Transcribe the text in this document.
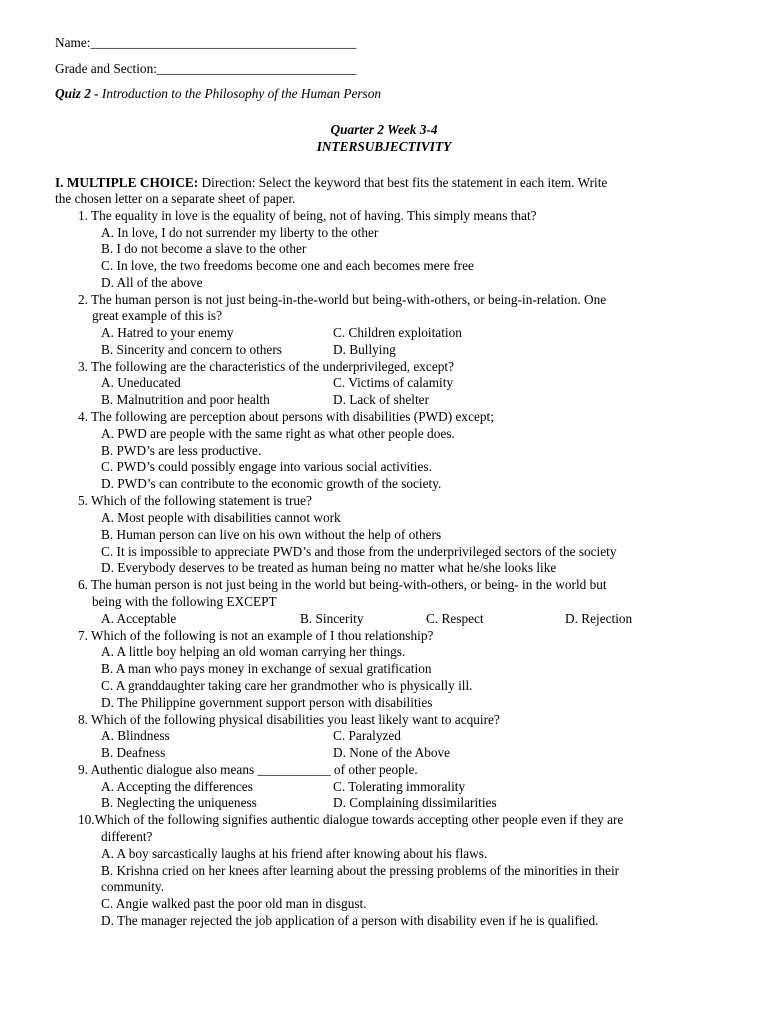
Name:________________________________________
Grade and Section:______________________________
Quiz 2 - Introduction to the Philosophy of the Human Person
Quarter 2 Week 3-4
INTERSUBJECTIVITY
I. MULTIPLE CHOICE: Direction: Select the keyword that best fits the statement in each item. Write
the chosen letter on a separate sheet of paper.
1. The equality in love is the equality of being, not of having. This simply means that?
A. In love, I do not surrender my liberty to the other
B. I do not become a slave to the other
C. In love, the two freedoms become one and each becomes mere free
D. All of the above
2. The human person is not just being-in-the-world but being-with-others, or being-in-relation. One
great example of this is?
A. Hatred to your enemy	C. Children exploitation
B. Sincerity and concern to others	D. Bullying
3. The following are the characteristics of the underprivileged, except?
A. Uneducated	C. Victims of calamity
B. Malnutrition and poor health	D. Lack of shelter
4. The following are perception about persons with disabilities (PWD) except;
A. PWD are people with the same right as what other people does.
B. PWD’s are less productive.
C. PWD’s could possibly engage into various social activities.
D. PWD’s can contribute to the economic growth of the society.
5. Which of the following statement is true?
A. Most people with disabilities cannot work
B. Human person can live on his own without the help of others
C. It is impossible to appreciate PWD’s and those from the underprivileged sectors of the society
D. Everybody deserves to be treated as human being no matter what he/she looks like
6. The human person is not just being in the world but being-with-others, or being- in the world but
being with the following EXCEPT
A. Acceptable	B. Sincerity	C. Respect	D. Rejection
7. Which of the following is not an example of I thou relationship?
A. A little boy helping an old woman carrying her things.
B. A man who pays money in exchange of sexual gratification
C. A granddaughter taking care her grandmother who is physically ill.
D. The Philippine government support person with disabilities
8. Which of the following physical disabilities you least likely want to acquire?
A. Blindness	C. Paralyzed
B. Deafness	D. None of the Above
9. Authentic dialogue also means ___________ of other people.
A. Accepting the differences	C. Tolerating immorality
B. Neglecting the uniqueness	D. Complaining dissimilarities
10.Which of the following signifies authentic dialogue towards accepting other people even if they are
different?
A. A boy sarcastically laughs at his friend after knowing about his flaws.
B. Krishna cried on her knees after learning about the pressing problems of the minorities in their
community.
C. Angie walked past the poor old man in disgust.
D. The manager rejected the job application of a person with disability even if he is qualified.
